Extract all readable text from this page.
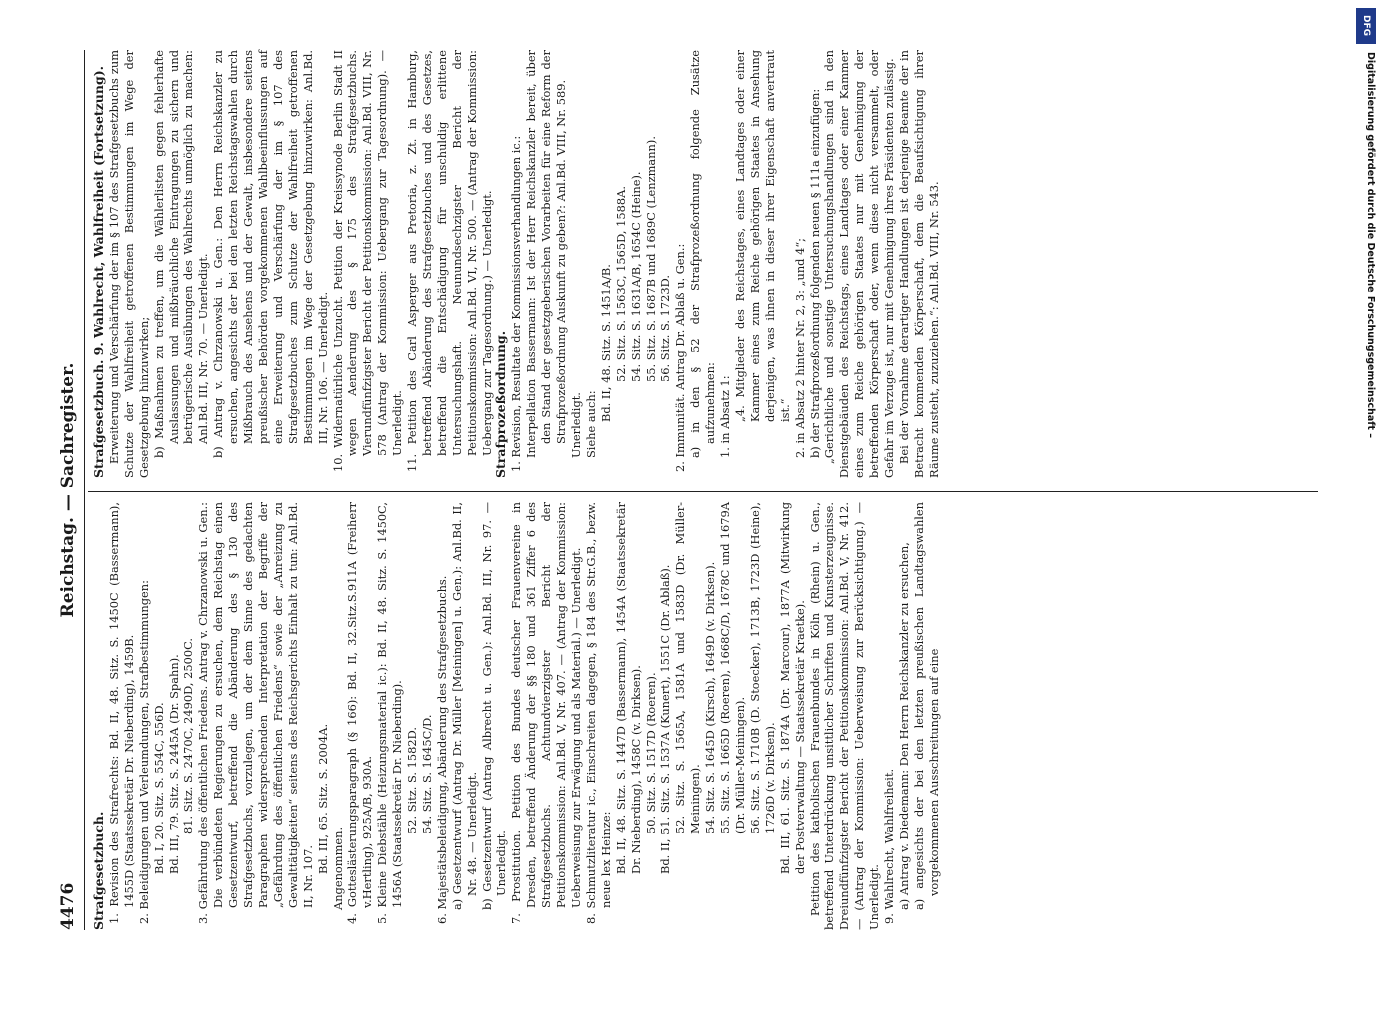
4476
Reichstag. — Sachregister.

Strafgesetzbuch. 1. Revision des Strafrechts: Bd. II, 48. Sitz. S. 1450C (Bassermann), 1455D (Staatssekretär Dr. Nieberding), 1459B. 2. Beleidigungen und Verleumdungen, Strafbestimmungen: Bd. I, 20. Sitz. S. 554C, 556D. Bd. III, 79. Sitz. S. 2445A (Dr. Spahn). 81. Sitz. S. 2470C, 2490D, 2500C. 3. Gefährdung des öffentlichen Friedens. Antrag v. Chrzanowski u. Gen.: Die verbündeten Regierungen zu ersuchen, dem Reichstag einen Gesetzentwurf, betreffend die Abänderung des § 130 des Strafgesetzbuchs, vorzulegen, um der dem Sinne des gedachten Paragraphen widersprechenden Interpretation der Begriffe der „Gefährdung des öffentlichen Friedens“ sowie der „Anreizung zu Gewalttätigkeiten“ seitens des Reichsgerichts Einhalt zu tun: Anl.Bd. II, Nr. 107.

Bd. III, 65. Sitz. S. 2004A. Angenommen. 4. Gotteslästerungsparagraph (§ 166): Bd. II, 32.Sitz.S.911A (Freiherr v.Hertling), 925A/B, 930A. 5. Kleine Diebstähle (Heizungsmaterial ic.): Bd. II, 48. Sitz. S. 1450C, 1456A (Staatssekretär Dr. Nieberding). 52. Sitz. S. 1582D. 54. Sitz. S. 1645C/D. 6. Majestätsbeleidigung, Abänderung des Strafgesetzbuchs. a) Gesetzentwurf (Antrag Dr. Müller [Meiningen] u. Gen.): Anl.Bd. II, Nr. 48. — Unerledigt. b) Gesetzentwurf (Antrag Albrecht u. Gen.): Anl.Bd. III, Nr. 97. — Unerledigt. 7. Prostitution. Petition des Bundes deutscher Frauenvereine in Dresden, betreffend Änderung der §§ 180 und 361 Ziffer 6 des Strafgesetzbuchs. Achtundvierzigster Bericht der Petitionskommission: Anl.Bd. V, Nr. 407. — (Antrag der Kommission: Ueberweisung zur Erwägung und als Material.) — Unerledigt. 8. Schmutzliteratur ic., Einschreiten dagegen, § 184 des Str.G.B., bezw. neue lex Heinze: Bd. II, 48. Sitz. S. 1447D (Bassermann), 1454A (Staatssekretär Dr. Nieberding), 1458C (v. Dirksen). 50. Sitz. S. 1517D (Roeren). Bd. II, 51. Sitz. S. 1537A (Kunert), 1551C (Dr. Ablaß). 52. Sitz. S. 1565A, 1581A und 1583D (Dr. Müller-Meiningen). 54. Sitz. S. 1645D (Kirsch), 1649D (v. Dirksen). 55. Sitz. S. 1665D (Roeren), 1668C/D, 1678C und 1679A (Dr. Müller-Meiningen). 56. Sitz. S. 1710B (D. Stoecker), 1713B, 1723D (Heine), 1726D (v. Dirksen). Bd. III, 61. Sitz. S. 1874A (Dr. Marcour), 1877A (Mitwirkung der Postverwaltung — Staatssekretär Kraetke). Petition des katholischen Frauenbundes in Köln (Rhein) u. Gen., betreffend Unterdrückung unsittlicher Schriften und Kunsterzeugnisse. Dreiundfünfzigster Bericht der Petitionskommission: Anl.Bd. V, Nr. 412. — (Antrag der Kommission: Ueberweisung zur Berücksichtigung.) — Unerledigt. 9. Wahlrecht, Wahlfreiheit. a) Antrag v. Diedemann: Den Herrn Reichskanzler zu ersuchen, a) angesichts der bei den letzten preußischen Landtagswahlen vorgekommenen Ausschreitungen auf eine

Strafgesetzbuch. 9. Wahlrecht, Wahlfreiheit (Fortsetzung). Erweiterung und Verschärfung der im § 107 des Strafgesetzbuchs zum Schutze der Wahlfreiheit getroffenen Bestimmungen im Wege der Gesetzgebung hinzuwirken; b) Maßnahmen zu treffen, um die Wählerlisten gegen fehlerhafte Auslassungen und mißbräuchliche Eintragungen zu sichern und betrügerische Ausübungen des Wahlrechts unmöglich zu machen: Anl.Bd. III, Nr. 70. — Unerledigt. b) Antrag v. Chrzanowski u. Gen.: Den Herrn Reichskanzler zu ersuchen, angesichts der bei den letzten Reichstagswahlen durch Mißbrauch des Ansehens und der Gewalt, insbesondere seitens preußischer Behörden vorgekommenen Wahlbeeinflussungen auf eine Erweiterung und Verschärfung der im § 107 des Strafgesetzbuches zum Schutze der Wahlfreiheit getroffenen Bestimmungen im Wege der Gesetzgebung hinzuwirken: Anl.Bd. III, Nr. 106. — Unerledigt. 10. Widernatürliche Unzucht. Petition der Kreissynode Berlin Stadt II wegen Aenderung des § 175 des Strafgesetzbuchs. Vierundfünfzigster Bericht der Petitionskommission: Anl.Bd. VIII, Nr. 578 (Antrag der Kommission: Uebergang zur Tagesordnung). — Unerledigt. 11. Petition des Carl Asperger aus Pretoria, z. Zt. in Hamburg, betreffend Abänderung des Strafgesetzbuches und des Gesetzes, betreffend die Entschädigung für unschuldig erlittene Untersuchungshaft. Neunundsechzigster Bericht der Petitionskommission: Anl.Bd. VI, Nr. 500. — (Antrag der Kommission: Uebergang zur Tagesordnung.) — Unerledigt. Strafprozeßordnung. 1. Revision, Resultate der Kommissionsverhandlungen ic.: Interpellation Bassermann: Ist der Herr Reichskanzler bereit, über den Stand der gesetzgeberischen Vorarbeiten für eine Reform der Strafprozeßordnung Auskunft zu geben?: Anl.Bd. VIII, Nr. 589. Unerledigt. Siehe auch:

Bd. II, 48. Sitz. S. 1451A/B. 52. Sitz. S. 1563C, 1565D, 1588A. 54. Sitz. S. 1631A/B, 1654C (Heine). 55. Sitz. S. 1687B und 1689C (Lenzmann). 56. Sitz. S. 1723D. 2. Immunität. Antrag Dr. Ablaß u. Gen.: a) in den § 52 der Strafprozeßordnung folgende Zusätze aufzunehmen: 1. in Absatz 1: „4. Mitglieder des Reichstages, eines Landtages oder einer Kammer eines zum Reiche gehörigen Staates in Ansehung derjenigen, was ihnen in dieser ihrer Eigenschaft anvertraut ist.“ 2. in Absatz 2 hinter Nr. 2, 3: „und 4“; b) der Strafprozeßordnung folgenden neuen § 111a einzufügen: „Gerichtliche und sonstige Untersuchungshandlungen sind in den Dienstgebäuden des Reichstags, eines Landtages oder einer Kammer eines zum Reiche gehörigen Staates nur mit Genehmigung der betreffenden Körperschaft oder, wenn diese nicht versammelt, oder Gefahr im Verzuge ist, nur mit Genehmigung ihres Präsidenten zulässig. Bei der Vornahme derartiger Handlungen ist derjenige Beamte der in Betracht kommenden Körperschaft, dem die Beaufsichtigung ihrer Räume zusteht, zuzuziehen.“: Anl.Bd. VIII, Nr. 543.

DFG
Digitalisierung gefördert durch die Deutsche Forschungsgemeinschaft –
